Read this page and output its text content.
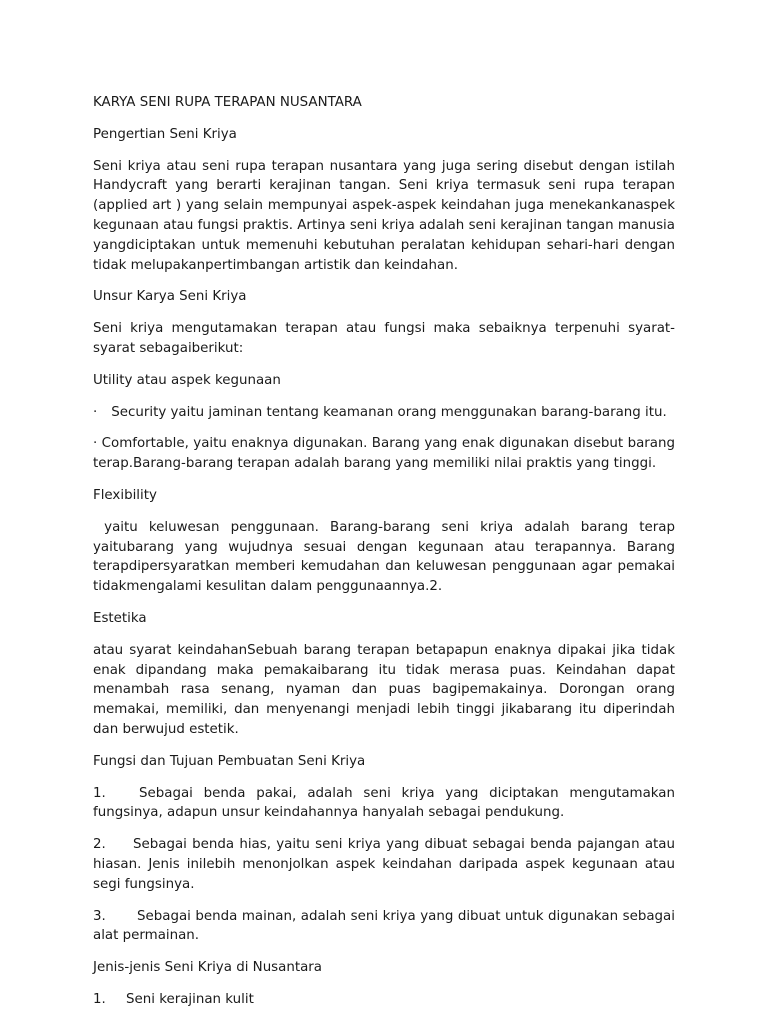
KARYA SENI RUPA TERAPAN NUSANTARA

Pengertian Seni Kriya

Seni kriya atau seni rupa terapan nusantara yang juga sering disebut dengan istilah Handycraft yang berarti kerajinan tangan. Seni kriya termasuk seni rupa terapan (applied art ) yang selain mempunyai aspek-aspek keindahan juga menekankanaspek kegunaan atau fungsi praktis. Artinya seni kriya adalah seni kerajinan tangan manusia yangdiciptakan untuk memenuhi kebutuhan peralatan kehidupan sehari-hari dengan tidak melupakanpertimbangan artistik dan keindahan.

Unsur Karya Seni Kriya

Seni kriya mengutamakan terapan atau fungsi maka sebaiknya terpenuhi syarat-syarat sebagaiberikut:

Utility atau aspek kegunaan

· Security yaitu jaminan tentang keamanan orang menggunakan barang-barang itu.

· Comfortable, yaitu enaknya digunakan. Barang yang enak digunakan disebut barang terap.Barang-barang terapan adalah barang yang memiliki nilai praktis yang tinggi.

Flexibility

yaitu keluwesan penggunaan. Barang-barang seni kriya adalah barang terap yaitubarang yang wujudnya sesuai dengan kegunaan atau terapannya. Barang terapdipersyaratkan memberi kemudahan dan keluwesan penggunaan agar pemakai tidakmengalami kesulitan dalam penggunaannya.2.

Estetika

atau syarat keindahanSebuah barang terapan betapapun enaknya dipakai jika tidak enak dipandang maka pemakaibarang itu tidak merasa puas. Keindahan dapat menambah rasa senang, nyaman dan puas bagipemakainya. Dorongan orang memakai, memiliki, dan menyenangi menjadi lebih tinggi jikabarang itu diperindah dan berwujud estetik.

Fungsi dan Tujuan Pembuatan Seni Kriya

1. Sebagai benda pakai, adalah seni kriya yang diciptakan mengutamakan fungsinya, adapun unsur keindahannya hanyalah sebagai pendukung.

2. Sebagai benda hias, yaitu seni kriya yang dibuat sebagai benda pajangan atau hiasan. Jenis inilebih menonjolkan aspek keindahan daripada aspek kegunaan atau segi fungsinya.

3. Sebagai benda mainan, adalah seni kriya yang dibuat untuk digunakan sebagai alat permainan.

Jenis-jenis Seni Kriya di Nusantara

1. Seni kerajinan kulit
